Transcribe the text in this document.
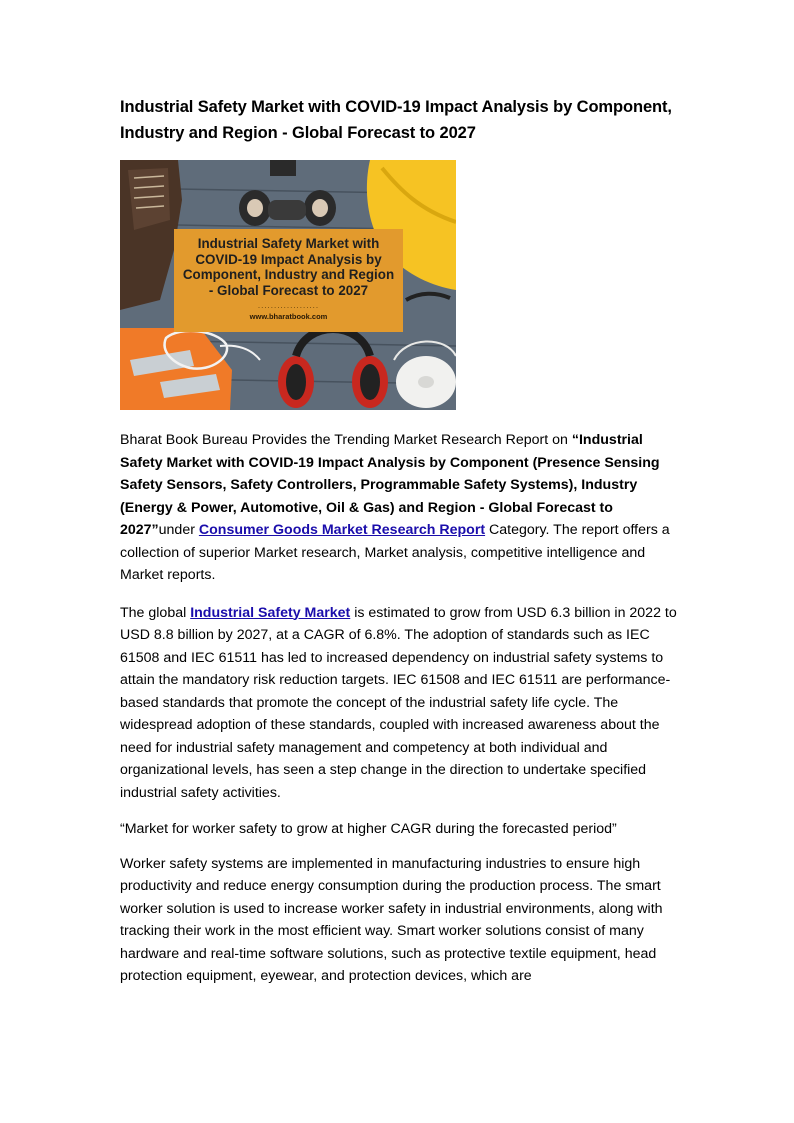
Industrial Safety Market with COVID-19 Impact Analysis by Component, Industry and Region - Global Forecast to 2027
Industrial Safety Market with COVID-19 Impact Analysis by Component, Industry and Region - Global Forecast to 2027
...................
www.bharatbook.com

Bharat Book Bureau Provides the Trending Market Research Report on “Industrial Safety Market with COVID-19 Impact Analysis by Component (Presence Sensing Safety Sensors, Safety Controllers, Programmable Safety Systems), Industry (Energy & Power, Automotive, Oil & Gas) and Region - Global Forecast to 2027”under Consumer Goods Market Research Report Category. The report offers a collection of superior Market research, Market analysis, competitive intelligence and Market reports.

The global Industrial Safety Market is estimated to grow from USD 6.3 billion in 2022 to USD 8.8 billion by 2027, at a CAGR of 6.8%. The adoption of standards such as IEC 61508 and IEC 61511 has led to increased dependency on industrial safety systems to attain the mandatory risk reduction targets. IEC 61508 and IEC 61511 are performance-based standards that promote the concept of the industrial safety life cycle. The widespread adoption of these standards, coupled with increased awareness about the need for industrial safety management and competency at both individual and organizational levels, has seen a step change in the direction to undertake specified industrial safety activities.

“Market for worker safety to grow at higher CAGR during the forecasted period”

Worker safety systems are implemented in manufacturing industries to ensure high productivity and reduce energy consumption during the production process. The smart worker solution is used to increase worker safety in industrial environments, along with tracking their work in the most efficient way. Smart worker solutions consist of many hardware and real-time software solutions, such as protective textile equipment, head protection equipment, eyewear, and protection devices, which are
